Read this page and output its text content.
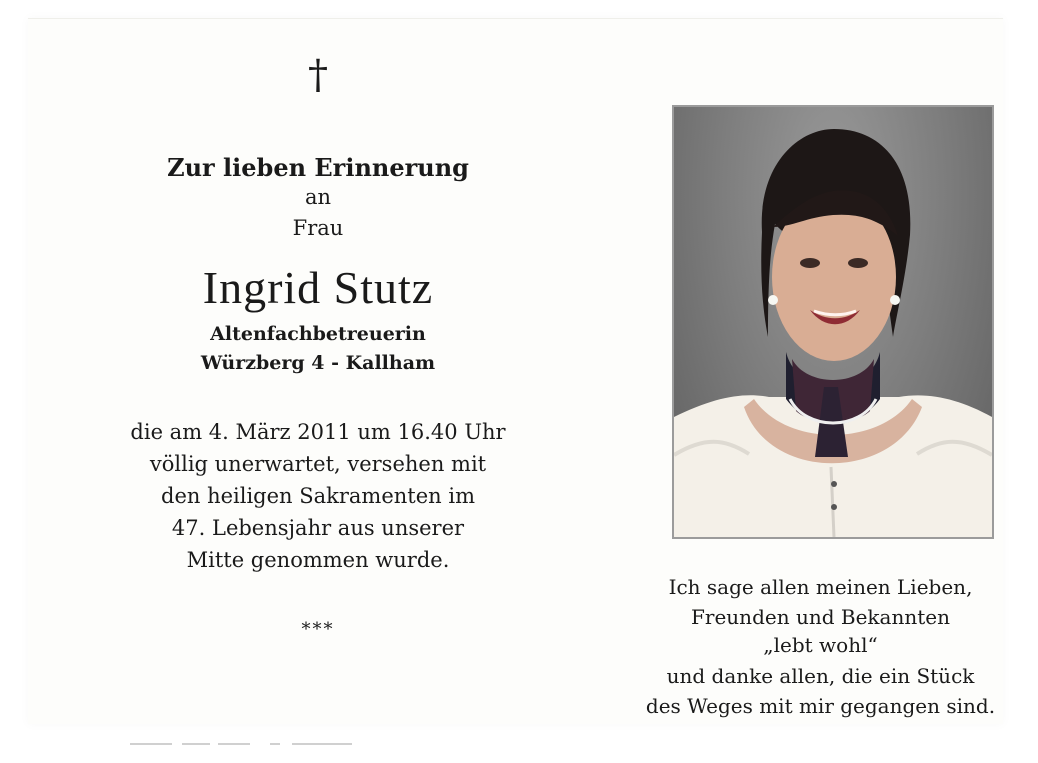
†
Zur lieben Erinnerung
an
Frau
Ingrid Stutz
Altenfachbetreuerin
Würzberg 4 - Kallham
die am 4. März 2011 um 16.40 Uhr
völlig unerwartet, versehen mit
den heiligen Sakramenten im
47. Lebensjahr aus unserer
Mitte genommen wurde.
***
Ich sage allen meinen Lieben,
Freunden und Bekannten
„lebt wohl“
und danke allen, die ein Stück
des Weges mit mir gegangen sind.
